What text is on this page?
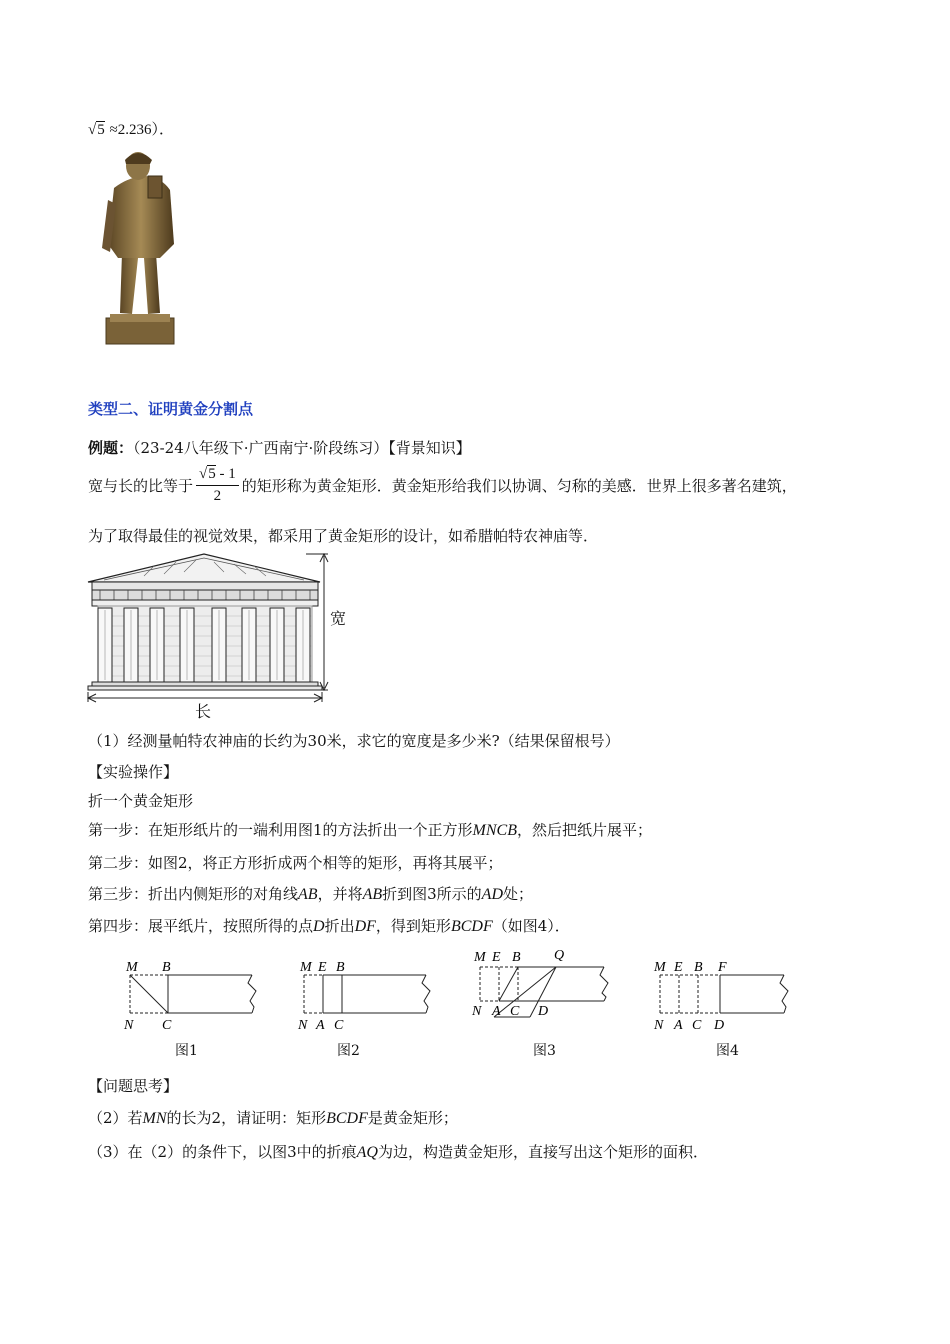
√5 ≈2.236）．
类型二、证明黄金分割点
例题：（23-24八年级下·广西南宁·阶段练习）【背景知识】
宽与长的比等于 $\frac{√5 - 1}{2}$ 的矩形称为黄金矩形．黄金矩形给我们以协调、匀称的美感．世界上很多著名建筑，
为了取得最佳的视觉效果，都采用了黄金矩形的设计，如希腊帕特农神庙等．
宽
长
（1）经测量帕特农神庙的长约为30米，求它的宽度是多少米?（结果保留根号）
【实验操作】
折一个黄金矩形
第一步：在矩形纸片的一端利用图1的方法折出一个正方形MNCB，然后把纸片展平；
第二步：如图2，将正方形折成两个相等的矩形，再将其展平；
第三步：折出内侧矩形的对角线AB，并将AB折到图3所示的AD处；
第四步：展平纸片，按照所得的点D折出DF，得到矩形BCDF（如图4）．
M B
N C
图1
M E B
N A C
图2
M E B Q
N A C D
图3
M E B F
N A C D
图4
【问题思考】
（2）若MN的长为2，请证明：矩形BCDF是黄金矩形；
（3）在（2）的条件下，以图3中的折痕AQ为边，构造黄金矩形，直接写出这个矩形的面积．
